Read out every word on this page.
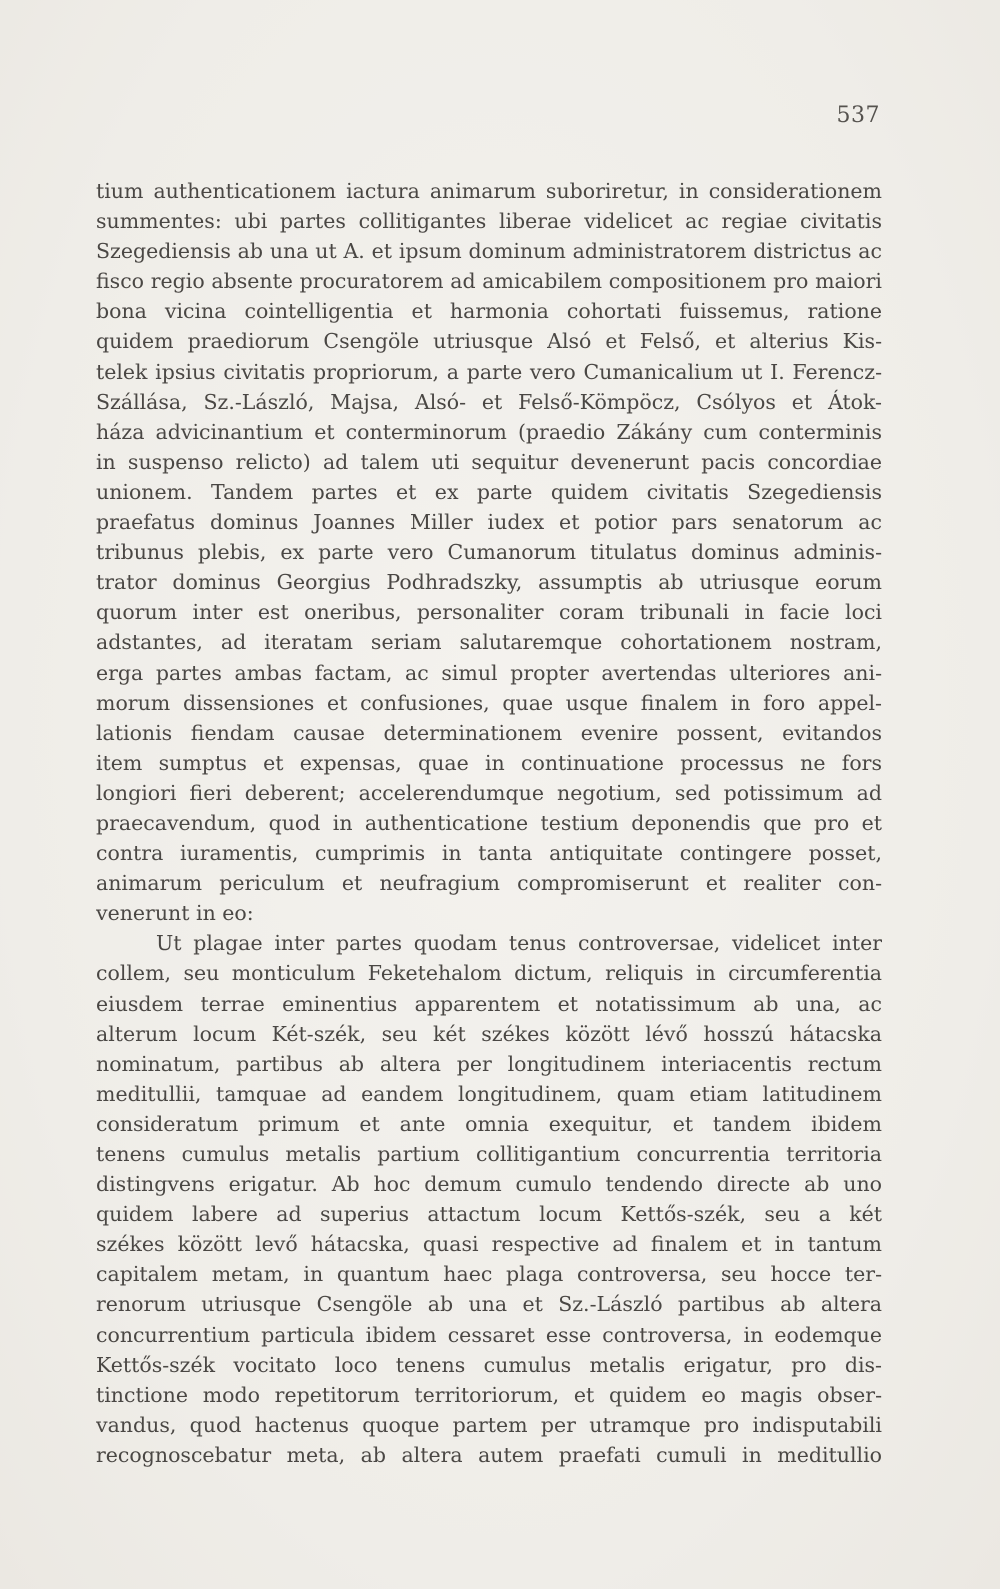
537
tium authenticationem iactura animarum suboriretur, in considerationem
summentes: ubi partes collitigantes liberae videlicet ac regiae civitatis
Szegediensis ab una ut A. et ipsum dominum administratorem districtus ac
fisco regio absente procuratorem ad amicabilem compositionem pro maiori
bona vicina cointelligentia et harmonia cohortati fuissemus, ratione
quidem praediorum Csengöle utriusque Alsó et Felső, et alterius Kis-
telek ipsius civitatis propriorum, a parte vero Cumanicalium ut I. Ferencz-
Szállása, Sz.-László, Majsa, Alsó- et Felső-Kömpöcz, Csólyos et Átok-
háza advicinantium et conterminorum (praedio Zákány cum conterminis
in suspenso relicto) ad talem uti sequitur devenerunt pacis concordiae
unionem. Tandem partes et ex parte quidem civitatis Szegediensis
praefatus dominus Joannes Miller iudex et potior pars senatorum ac
tribunus plebis, ex parte vero Cumanorum titulatus dominus adminis-
trator dominus Georgius Podhradszky, assumptis ab utriusque eorum
quorum inter est oneribus, personaliter coram tribunali in facie loci
adstantes, ad iteratam seriam salutaremque cohortationem nostram,
erga partes ambas factam, ac simul propter avertendas ulteriores ani-
morum dissensiones et confusiones, quae usque finalem in foro appel-
lationis fiendam causae determinationem evenire possent, evitandos
item sumptus et expensas, quae in continuatione processus ne fors
longiori fieri deberent; accelerendumque negotium, sed potissimum ad
praecavendum, quod in authenticatione testium deponendis que pro et
contra iuramentis, cumprimis in tanta antiquitate contingere posset,
animarum periculum et neufragium compromiserunt et realiter con-
venerunt in eo:
Ut plagae inter partes quodam tenus controversae, videlicet inter
collem, seu monticulum Feketehalom dictum, reliquis in circumferentia
eiusdem terrae eminentius apparentem et notatissimum ab una, ac
alterum locum Két-szék, seu két székes között lévő hosszú hátacska
nominatum, partibus ab altera per longitudinem interiacentis rectum
meditullii, tamquae ad eandem longitudinem, quam etiam latitudinem
consideratum primum et ante omnia exequitur, et tandem ibidem
tenens cumulus metalis partium collitigantium concurrentia territoria
distingvens erigatur. Ab hoc demum cumulo tendendo directe ab uno
quidem labere ad superius attactum locum Kettős-szék, seu a két
székes között levő hátacska, quasi respective ad finalem et in tantum
capitalem metam, in quantum haec plaga controversa, seu hocce ter-
renorum utriusque Csengöle ab una et Sz.-László partibus ab altera
concurrentium particula ibidem cessaret esse controversa, in eodemque
Kettős-szék vocitato loco tenens cumulus metalis erigatur, pro dis-
tinctione modo repetitorum territoriorum, et quidem eo magis obser-
vandus, quod hactenus quoque partem per utramque pro indisputabili
recognoscebatur meta, ab altera autem praefati cumuli in meditullio
